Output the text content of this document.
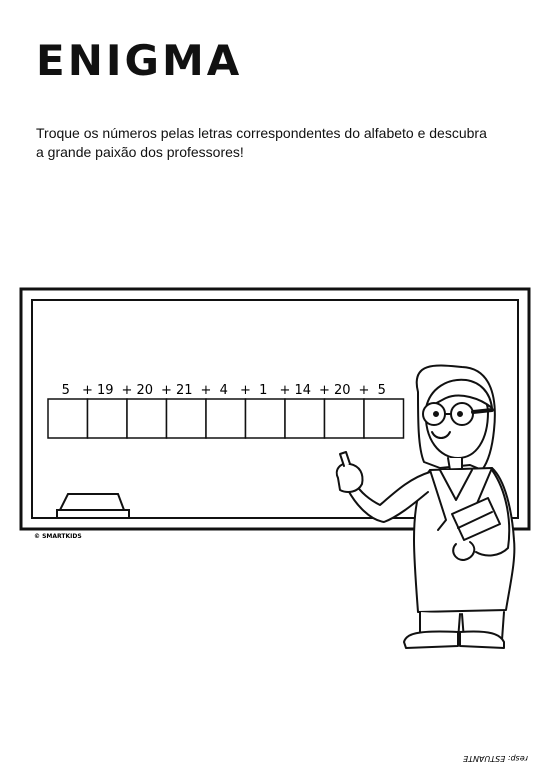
ENIGMA
Troque os números pelas letras correspondentes do alfabeto e descubra
a grande paixão dos professores!
5 + 19 + 20 + 21 + 4 + 1 + 14 + 20 + 5
© SMARTKIDS
resp: ESTUANTE
